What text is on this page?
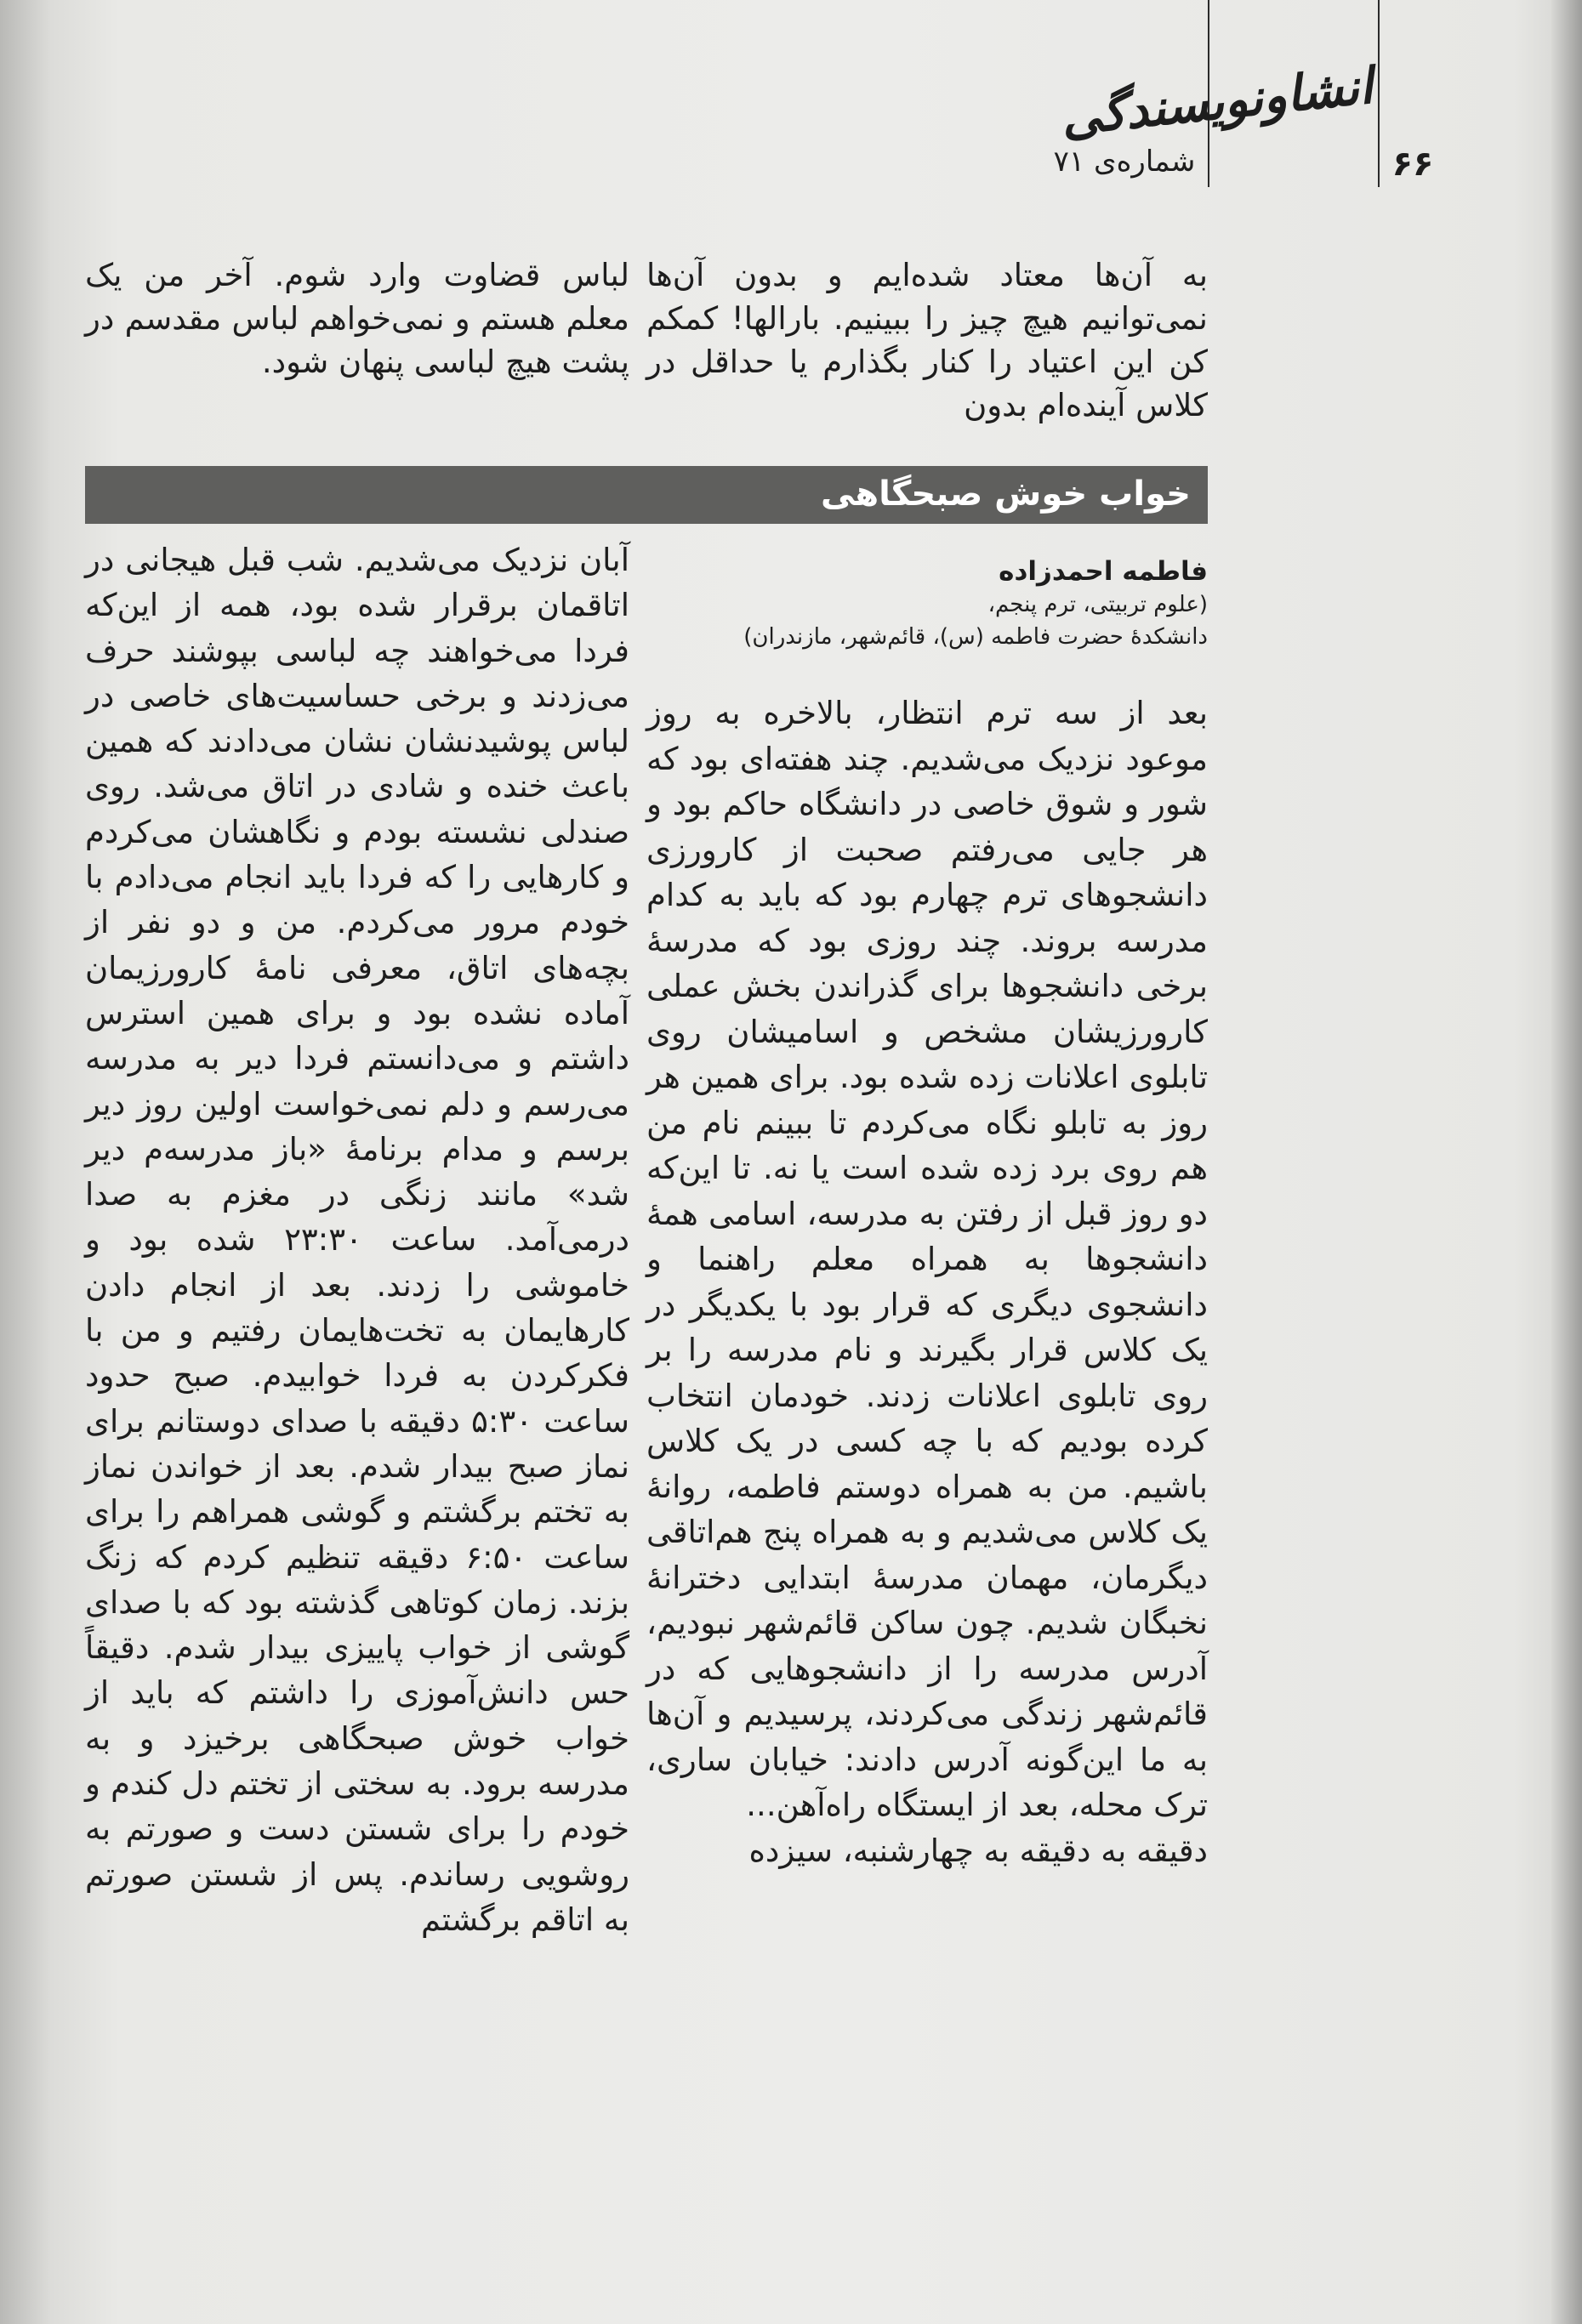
۶۶
انشاونویسندگی
شماره‌ی ۷۱

به آن‌ها معتاد شده‌ایم و بدون آن‌ها نمی‌توانیم هیچ چیز را ببینیم. بارالها! کمکم کن این اعتیاد را کنار بگذارم یا حداقل در کلاس آینده‌ام بدون

لباس قضاوت وارد شوم. آخر من یک معلم هستم و نمی‌خواهم لباس مقدسم در پشت هیچ لباسی پنهان شود.

خواب خوش صبحگاهی
فاطمه احمدزاده
(علوم تربیتی، ترم پنجم،
دانشکدهٔ حضرت فاطمه (س)، قائم‌شهر، مازندران)

بعد از سه ترم انتظار، بالاخره به روز موعود نزدیک می‌شدیم. چند هفته‌ای بود که شور و شوق خاصی در دانشگاه حاکم بود و هر جایی می‌رفتم صحبت از کارورزی دانشجوهای ترم چهارم بود که باید به کدام مدرسه بروند. چند روزی بود که مدرسهٔ برخی دانشجوها برای گذراندن بخش عملی کارورزیشان مشخص و اسامیشان روی تابلوی اعلانات زده شده بود. برای همین هر روز به تابلو نگاه می‌کردم تا ببینم نام من هم روی برد زده شده است یا نه. تا این‌که دو روز قبل از رفتن به مدرسه، اسامی همهٔ دانشجوها به همراه معلم راهنما و دانشجوی دیگری که قرار بود با یکدیگر در یک کلاس قرار بگیرند و نام مدرسه را بر روی تابلوی اعلانات زدند. خودمان انتخاب کرده بودیم که با چه کسی در یک کلاس باشیم. من به همراه دوستم فاطمه، روانهٔ یک کلاس می‌شدیم و به همراه پنج هم‌اتاقی دیگرمان، مهمان مدرسهٔ ابتدایی دخترانهٔ نخبگان شدیم. چون ساکن قائم‌شهر نبودیم، آدرس مدرسه را از دانشجوهایی که در قائم‌شهر زندگی می‌کردند، پرسیدیم و آن‌ها به ما این‌گونه آدرس دادند: خیابان ساری، ترک محله، بعد از ایستگاه راه‌آهن...

دقیقه به دقیقه به چهارشنبه، سیزده

آبان نزدیک می‌شدیم. شب قبل هیجانی در اتاقمان برقرار شده بود، همه از این‌که فردا می‌خواهند چه لباسی بپوشند حرف می‌زدند و برخی حساسیت‌های خاصی در لباس پوشیدنشان نشان می‌دادند که همین باعث خنده و شادی در اتاق می‌شد. روی صندلی نشسته بودم و نگاهشان می‌کردم و کارهایی را که فردا باید انجام می‌دادم با خودم مرور می‌کردم. من و دو نفر از بچه‌های اتاق، معرفی نامهٔ کارورزیمان آماده نشده بود و برای همین استرس داشتم و می‌دانستم فردا دیر به مدرسه می‌رسم و دلم نمی‌خواست اولین روز دیر برسم و مدام برنامهٔ «باز مدرسه‌م دیر شد» مانند زنگی در مغزم به صدا درمی‌آمد. ساعت ۲۳:۳۰ شده بود و خاموشی را زدند. بعد از انجام دادن کارهایمان به تخت‌هایمان رفتیم و من با فکرکردن به فردا خوابیدم. صبح حدود ساعت ۵:۳۰ دقیقه با صدای دوستانم برای نماز صبح بیدار شدم. بعد از خواندن نماز به تختم برگشتم و گوشی همراهم را برای ساعت ۶:۵۰ دقیقه تنظیم کردم که زنگ بزند. زمان کوتاهی گذشته بود که با صدای گوشی از خواب پاییزی بیدار شدم. دقیقاً حس دانش‌آموزی را داشتم که باید از خواب خوش صبحگاهی برخیزد و به مدرسه برود. به سختی از تختم دل کندم و خودم را برای شستن دست و صورتم به روشویی رساندم. پس از شستن صورتم به اتاقم برگشتم
